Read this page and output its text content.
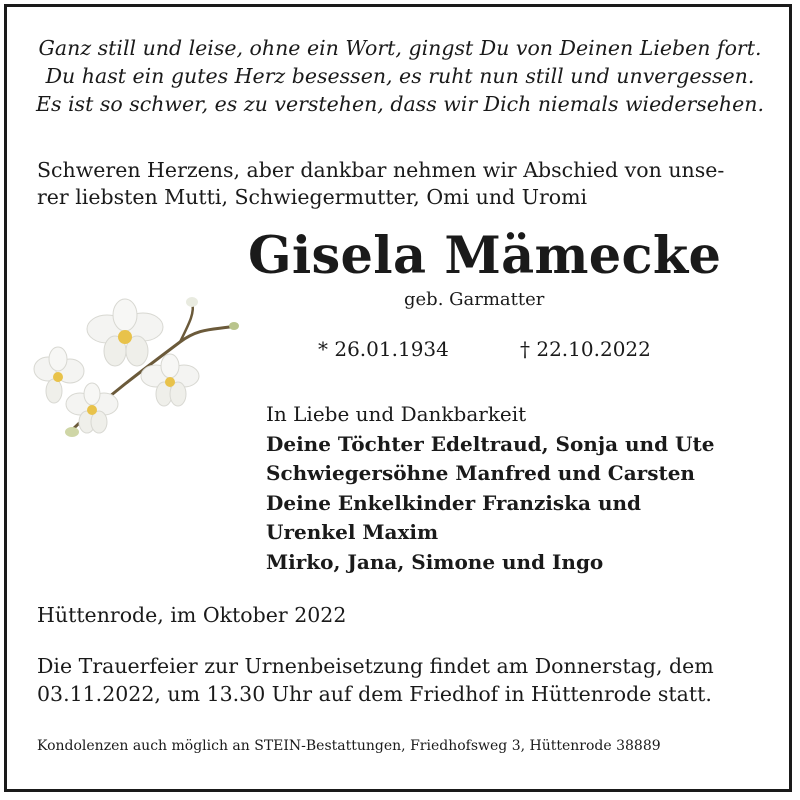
Ganz still und leise, ohne ein Wort, gingst Du von Deinen Lieben fort.
Du hast ein gutes Herz besessen, es ruht nun still und unvergessen.
Es ist so schwer, es zu verstehen, dass wir Dich niemals wiedersehen.
Schweren Herzens, aber dankbar nehmen wir Abschied von unse-
rer liebsten Mutti, Schwiegermutter, Omi und Uromi
Gisela Mämecke
geb. Garmatter
* 26.01.1934	† 22.10.2022
In Liebe und Dankbarkeit
Deine Töchter Edeltraud, Sonja und Ute
Schwiegersöhne Manfred und Carsten
Deine Enkelkinder Franziska und
Urenkel Maxim
Mirko, Jana, Simone und Ingo
Hüttenrode, im Oktober 2022
Die Trauerfeier zur Urnenbeisetzung findet am Donnerstag, dem
03.11.2022, um 13.30 Uhr auf dem Friedhof in Hüttenrode statt.
Kondolenzen auch möglich an STEIN-Bestattungen, Friedhofsweg 3, Hüttenrode 38889
